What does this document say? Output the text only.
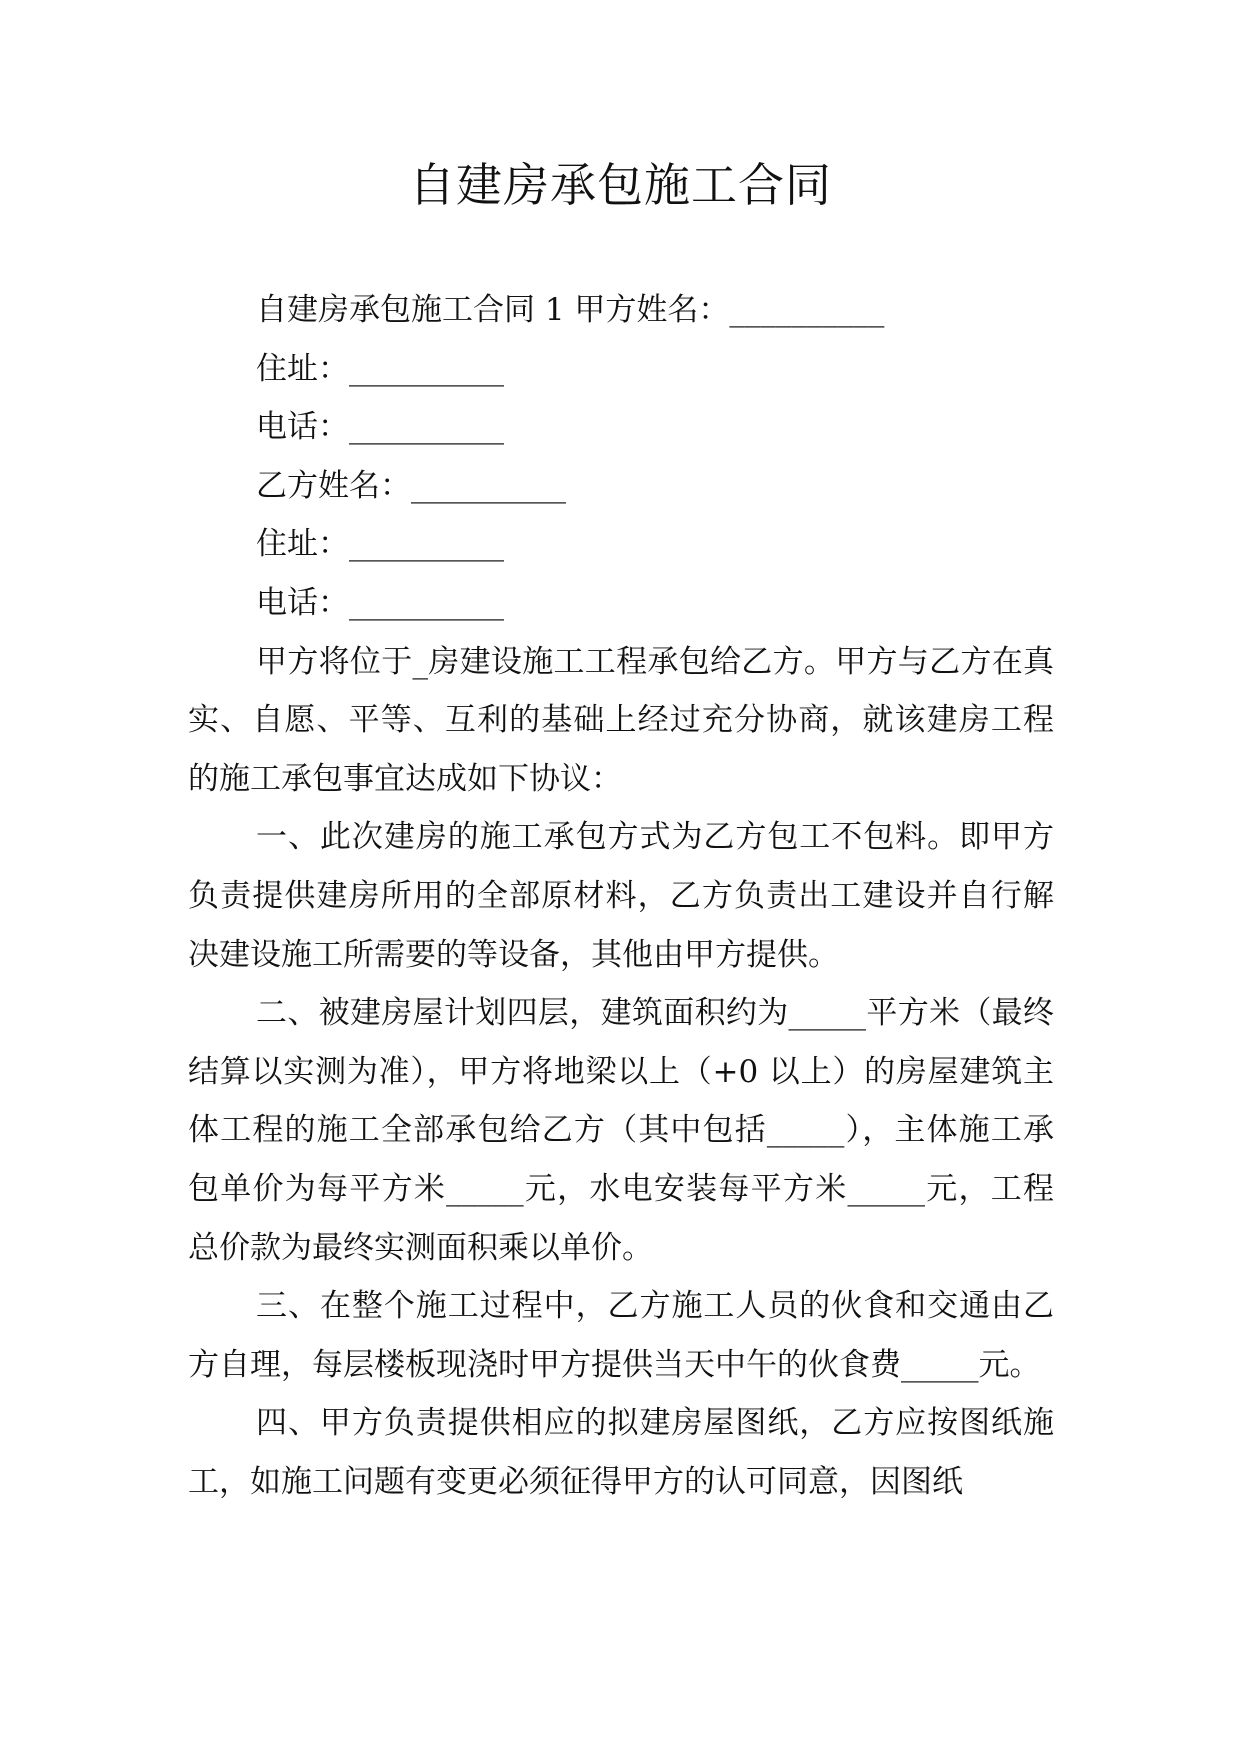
自建房承包施工合同

自建房承包施工合同 1 甲方姓名：__________

住址：__________

电话：__________

乙方姓名：__________

住址：__________

电话：__________

甲方将位于_房建设施工工程承包给乙方。甲方与乙方在真实、自愿、平等、互利的基础上经过充分协商，就该建房工程的施工承包事宜达成如下协议：

一、此次建房的施工承包方式为乙方包工不包料。即甲方负责提供建房所用的全部原材料，乙方负责出工建设并自行解决建设施工所需要的等设备，其他由甲方提供。

二、被建房屋计划四层，建筑面积约为_____平方米（最终结算以实测为准），甲方将地梁以上（+0 以上）的房屋建筑主体工程的施工全部承包给乙方（其中包括_____），主体施工承包单价为每平方米_____元，水电安装每平方米_____元，工程总价款为最终实测面积乘以单价。

三、在整个施工过程中，乙方施工人员的伙食和交通由乙方自理，每层楼板现浇时甲方提供当天中午的伙食费_____元。

四、甲方负责提供相应的拟建房屋图纸，乙方应按图纸施工，如施工问题有变更必须征得甲方的认可同意，因图纸
